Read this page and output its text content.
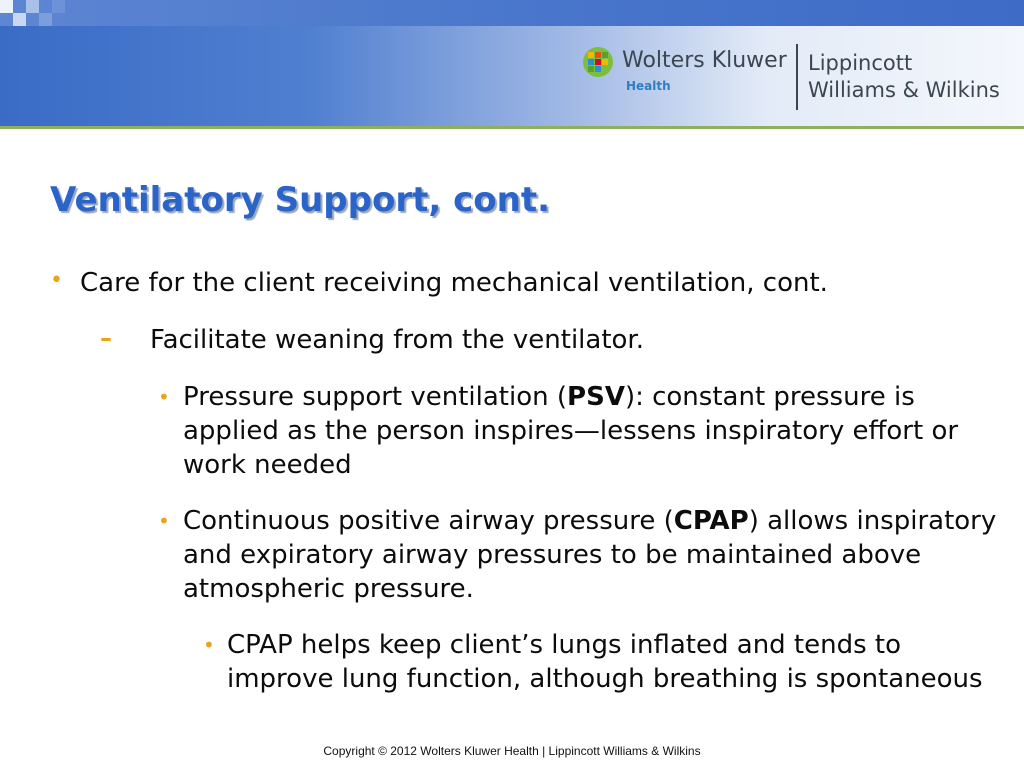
Wolters Kluwer
Health
Lippincott
Williams & Wilkins
Ventilatory Support, cont.
• Care for the client receiving mechanical ventilation, cont.
– Facilitate weaning from the ventilator.
• Pressure support ventilation (PSV): constant pressure is applied as the person inspires—lessens inspiratory effort or work needed
• Continuous positive airway pressure (CPAP) allows inspiratory and expiratory airway pressures to be maintained above atmospheric pressure.
• CPAP helps keep client’s lungs inflated and tends to improve lung function, although breathing is spontaneous
Copyright © 2012 Wolters Kluwer Health | Lippincott Williams & Wilkins
